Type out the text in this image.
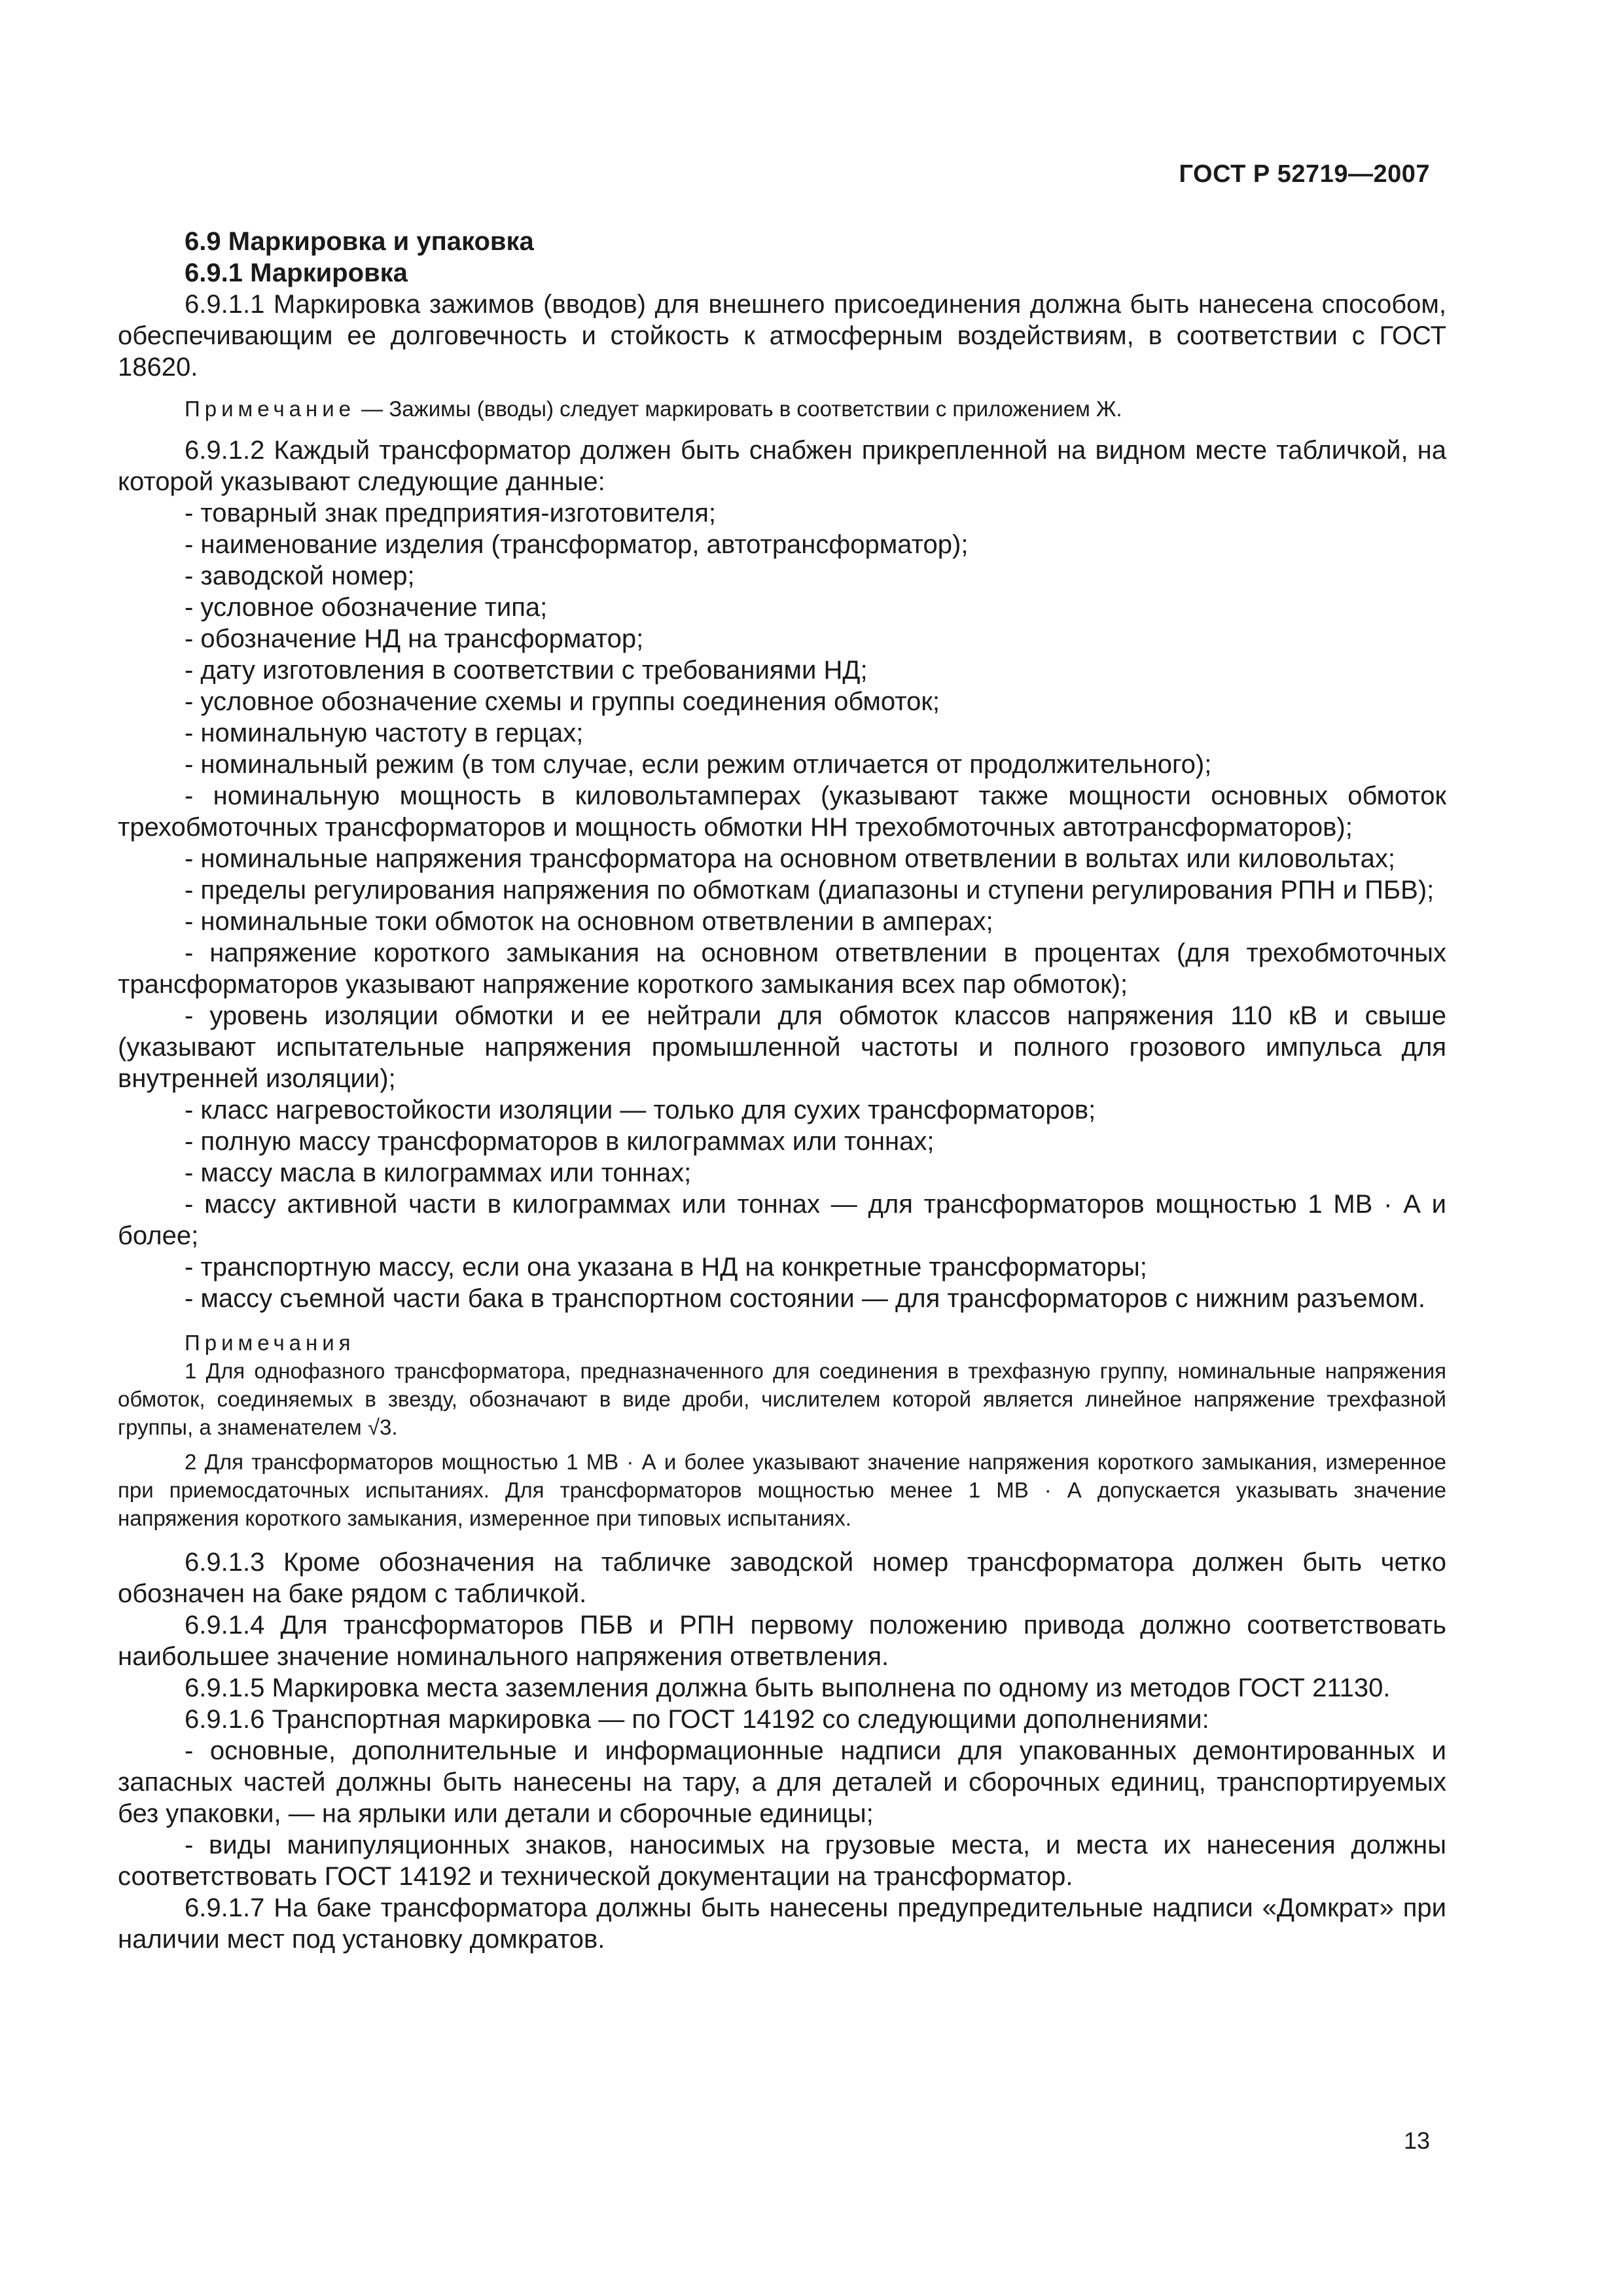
ГОСТ Р 52719—2007

6.9 Маркировка и упаковка

6.9.1 Маркировка

6.9.1.1 Маркировка зажимов (вводов) для внешнего присоединения должна быть нанесена способом, обеспечивающим ее долговечность и стойкость к атмосферным воздействиям, в соответствии с ГОСТ 18620.

Примечание — Зажимы (вводы) следует маркировать в соответствии с приложением Ж.

6.9.1.2 Каждый трансформатор должен быть снабжен прикрепленной на видном месте табличкой, на которой указывают следующие данные:

- товарный знак предприятия-изготовителя;

- наименование изделия (трансформатор, автотрансформатор);

- заводской номер;

- условное обозначение типа;

- обозначение НД на трансформатор;

- дату изготовления в соответствии с требованиями НД;

- условное обозначение схемы и группы соединения обмоток;

- номинальную частоту в герцах;

- номинальный режим (в том случае, если режим отличается от продолжительного);

- номинальную мощность в киловольтамперах (указывают также мощности основных обмоток трехобмоточных трансформаторов и мощность обмотки НН трехобмоточных автотрансформаторов);

- номинальные напряжения трансформатора на основном ответвлении в вольтах или киловольтах;

- пределы регулирования напряжения по обмоткам (диапазоны и ступени регулирования РПН и ПБВ);

- номинальные токи обмоток на основном ответвлении в амперах;

- напряжение короткого замыкания на основном ответвлении в процентах (для трехобмоточных трансформаторов указывают напряжение короткого замыкания всех пар обмоток);

- уровень изоляции обмотки и ее нейтрали для обмоток классов напряжения 110 кВ и свыше (указывают испытательные напряжения промышленной частоты и полного грозового импульса для внутренней изоляции);

- класс нагревостойкости изоляции — только для сухих трансформаторов;

- полную массу трансформаторов в килограммах или тоннах;

- массу масла в килограммах или тоннах;

- массу активной части в килограммах или тоннах — для трансформаторов мощностью 1 МВ · А и более;

- транспортную массу, если она указана в НД на конкретные трансформаторы;

- массу съемной части бака в транспортном состоянии — для трансформаторов с нижним разъемом.

Примечания

1 Для однофазного трансформатора, предназначенного для соединения в трехфазную группу, номинальные напряжения обмоток, соединяемых в звезду, обозначают в виде дроби, числителем которой является линейное напряжение трехфазной группы, а знаменателем √3.

2 Для трансформаторов мощностью 1 МВ · А и более указывают значение напряжения короткого замыкания, измеренное при приемосдаточных испытаниях. Для трансформаторов мощностью менее 1 МВ · А допускается указывать значение напряжения короткого замыкания, измеренное при типовых испытаниях.

6.9.1.3 Кроме обозначения на табличке заводской номер трансформатора должен быть четко обозначен на баке рядом с табличкой.

6.9.1.4 Для трансформаторов ПБВ и РПН первому положению привода должно соответствовать наибольшее значение номинального напряжения ответвления.

6.9.1.5 Маркировка места заземления должна быть выполнена по одному из методов ГОСТ 21130.

6.9.1.6 Транспортная маркировка — по ГОСТ 14192 со следующими дополнениями:

- основные, дополнительные и информационные надписи для упакованных демонтированных и запасных частей должны быть нанесены на тару, а для деталей и сборочных единиц, транспортируемых без упаковки, — на ярлыки или детали и сборочные единицы;

- виды манипуляционных знаков, наносимых на грузовые места, и места их нанесения должны соответствовать ГОСТ 14192 и технической документации на трансформатор.

6.9.1.7 На баке трансформатора должны быть нанесены предупредительные надписи «Домкрат» при наличии мест под установку домкратов.

13
